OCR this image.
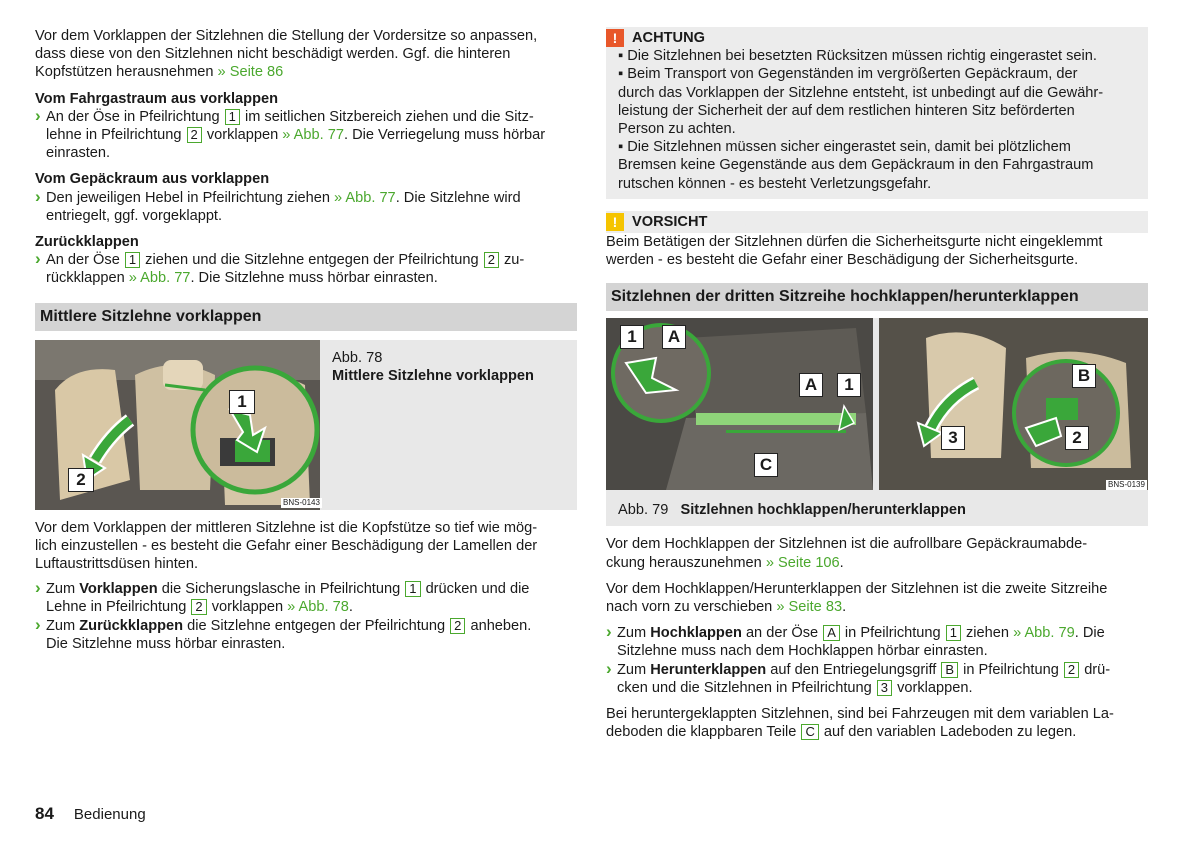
Vor dem Vorklappen der Sitzlehnen die Stellung der Vordersitze so anpassen,
dass diese von den Sitzlehnen nicht beschädigt werden. Ggf. die hinteren
Kopfstützen herausnehmen » Seite 86

Vom Fahrgastraum aus vorklappen

› An der Öse in Pfeilrichtung 1 im seitlichen Sitzbereich ziehen und die Sitz-
lehne in Pfeilrichtung 2 vorklappen » Abb. 77. Die Verriegelung muss hörbar
einrasten.

Vom Gepäckraum aus vorklappen

› Den jeweiligen Hebel in Pfeilrichtung ziehen » Abb. 77. Die Sitzlehne wird
entriegelt, ggf. vorgeklappt.

Zurückklappen

› An der Öse 1 ziehen und die Sitzlehne entgegen der Pfeilrichtung 2 zu-
rückklappen » Abb. 77. Die Sitzlehne muss hörbar einrasten.
Mittlere Sitzlehne vorklappen
1
2
BNS-0143
Abb. 78
Mittlere Sitzlehne vorklappen

Vor dem Vorklappen der mittleren Sitzlehne ist die Kopfstütze so tief wie mög-
lich einzustellen - es besteht die Gefahr einer Beschädigung der Lamellen der
Luftaustrittsdüsen hinten.

› Zum Vorklappen die Sicherungslasche in Pfeilrichtung 1 drücken und die
Lehne in Pfeilrichtung 2 vorklappen » Abb. 78.
› Zum Zurückklappen die Sitzlehne entgegen der Pfeilrichtung 2 anheben.
Die Sitzlehne muss hörbar einrasten.
!	ACHTUNG
▪ Die Sitzlehnen bei besetzten Rücksitzen müssen richtig eingerastet sein.
▪ Beim Transport von Gegenständen im vergrößerten Gepäckraum, der
durch das Vorklappen der Sitzlehne entsteht, ist unbedingt auf die Gewähr-
leistung der Sicherheit der auf dem restlichen hinteren Sitz beförderten
Person zu achten.
▪ Die Sitzlehnen müssen sicher eingerastet sein, damit bei plötzlichem
Bremsen keine Gegenstände aus dem Gepäckraum in den Fahrgastraum
rutschen können - es besteht Verletzungsgefahr.
!	VORSICHT

Beim Betätigen der Sitzlehnen dürfen die Sicherheitsgurte nicht eingeklemmt
werden - es besteht die Gefahr einer Beschädigung der Sicherheitsgurte.

Sitzlehnen der dritten Sitzreihe hochklappen/herunterklappen
1	A
A	1
C
B
2
3
BNS-0139
Abb. 79 Sitzlehnen hochklappen/herunterklappen

Vor dem Hochklappen der Sitzlehnen ist die aufrollbare Gepäckraumabde-
ckung herauszunehmen » Seite 106.

Vor dem Hochklappen/Herunterklappen der Sitzlehnen ist die zweite Sitzreihe
nach vorn zu verschieben » Seite 83.

› Zum Hochklappen an der Öse A in Pfeilrichtung 1 ziehen » Abb. 79. Die
Sitzlehne muss nach dem Hochklappen hörbar einrasten.
› Zum Herunterklappen auf den Entriegelungsgriff B in Pfeilrichtung 2 drü-
cken und die Sitzlehnen in Pfeilrichtung 3 vorklappen.

Bei heruntergeklappten Sitzlehnen, sind bei Fahrzeugen mit dem variablen La-
deboden die klappbaren Teile C auf den variablen Ladeboden zu legen.

84 Bedienung
